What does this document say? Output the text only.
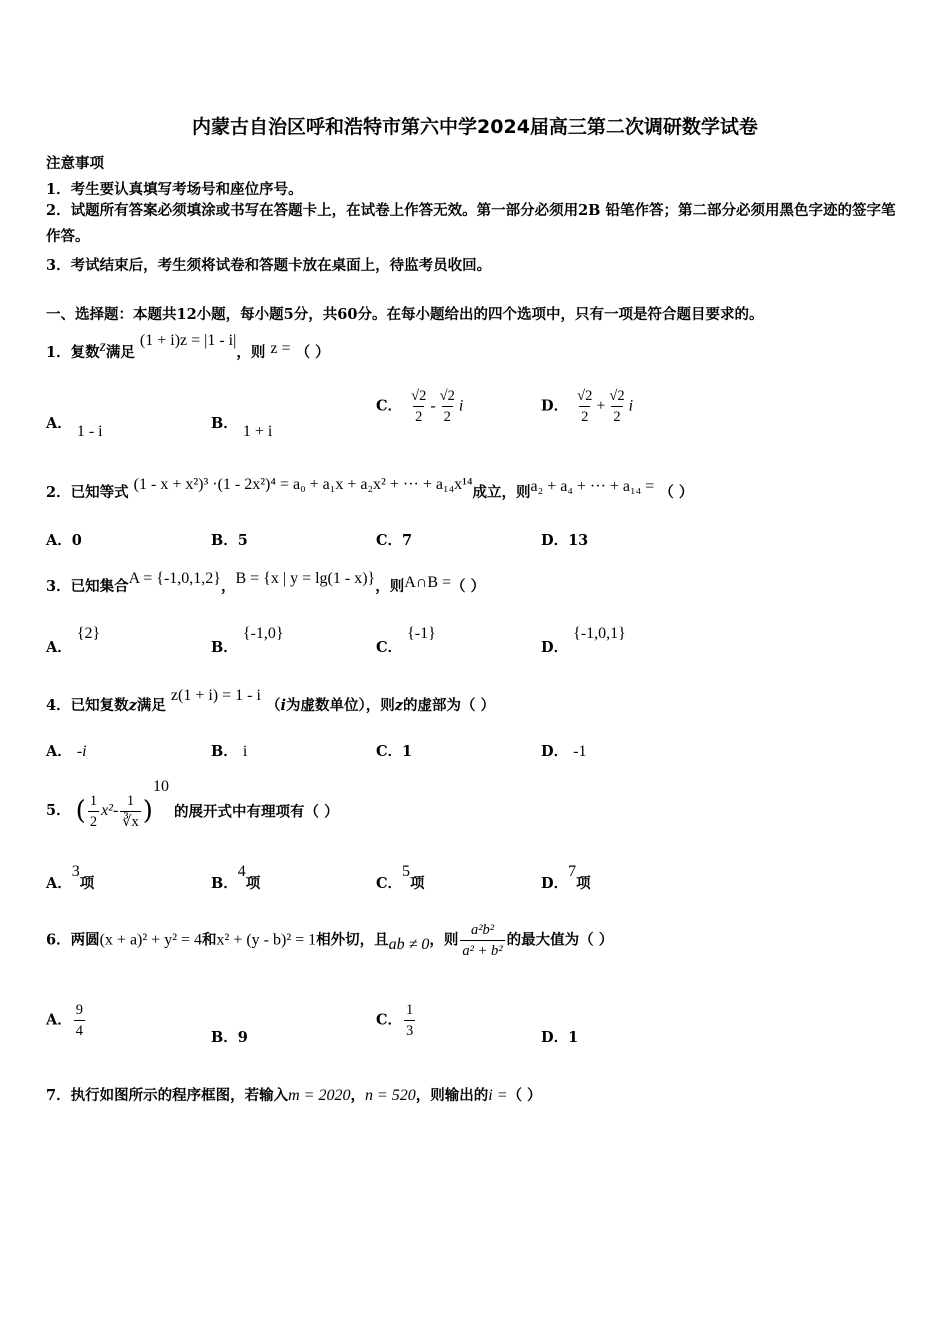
内蒙古自治区呼和浩特市第六中学2024届高三第二次调研数学试卷
注意事项
1．考生要认真填写考场号和座位序号。
2．试题所有答案必须填涂或书写在答题卡上，在试卷上作答无效。第一部分必须用2B 铅笔作答；第二部分必须用黑色字迹的签字笔作答。
3．考试结束后，考生须将试卷和答题卡放在桌面上，待监考员收回。
一、选择题：本题共12小题，每小题5分，共60分。在每小题给出的四个选项中，只有一项是符合题目要求的。
1．复数$^z$满足 (1 + i)z = |1 - i|，则 z = （ ）
A． 1 - i	B． 1 + i
C． $\frac{√2}{2} - \frac{√2}{2}$ i	D． $\frac{√2}{2} + \frac{√2}{2}$ i
2．已知等式 (1 - x + x²)³ ·(1 - 2x²)⁴ = a₀ + a₁x + a₂x² + ··· + a₁₄x¹⁴成立，则a₂ + a₄ + ··· + a₁₄ = （ ）
A．0	B．5	C．7	D．13
3．已知集合A = {-1,0,1,2}，B = {x | y = lg(1 - x)}，则A∩B =（ ）
A． {2}
B． {-1,0}
C． {-1}
D． {-1,0,1}
4．已知复数z满足 z(1 + i) = 1 - i （i为虚数单位），则z的虚部为（ ）
A． -i	B． i	C．1	D． -1
5． ( $\frac{1}{2} x^2- \frac{1}{∛x} )^{10}$ 的展开式中有理项有（ ）
A．3项	B．4项	C．5项	D．7项
6．两圆(x + a)² + y² = 4和x² + (y - b)² = 1相外切，且ab ≠ 0，则 $\frac{\text{a²b²}}{\text{a² + b²}}$ 的最大值为（ ）
A． $\frac{9}{4}$	B．9
C． $\frac{1}{3}$	D．1
7．执行如图所示的程序框图，若输入m = 2020，n = 520，则输出的i =（ ）
